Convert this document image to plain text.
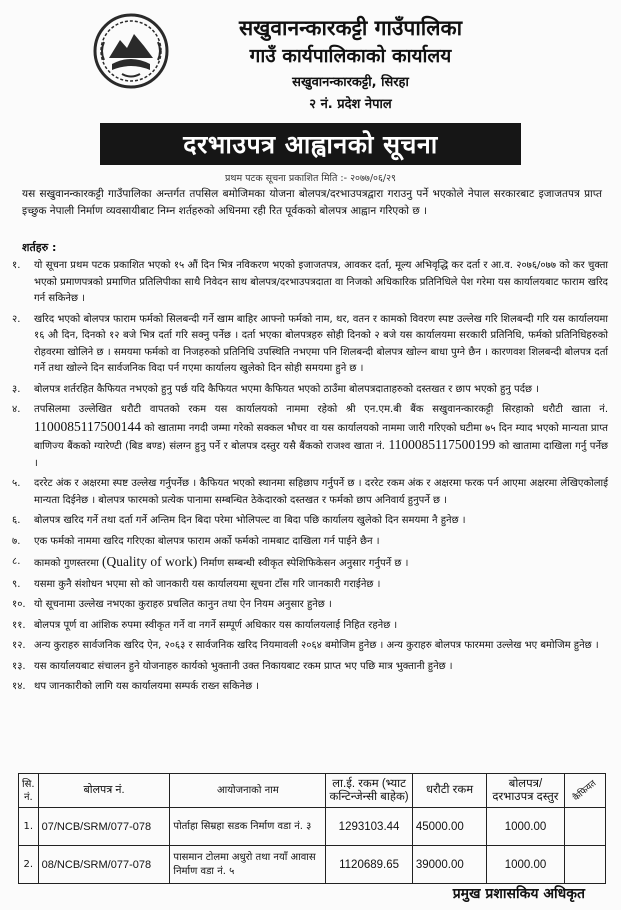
सखुवानन्कारकट्टी गाउँपालिका
गाउँ कार्यपालिकाको कार्यालय
सखुवानन्कारकट्टी, सिरहा
२ नं. प्रदेश नेपाल
दरभाउपत्र आह्वानको सूचना
प्रथम पटक सूचना प्रकाशित मिति :- २०७७/०६/२९

यस सखुवानन्कारकट्टी गाउँपालिका अन्तर्गत तपसिल बमोजिमका योजना बोलपत्र/दरभाउपत्रद्वारा गराउनु पर्ने भएकोले नेपाल सरकारबाट इजाजतपत्र प्राप्त इच्छुक नेपाली निर्माण व्यवसायीबाट निम्न शर्तहरुको अधिनमा रही रित पूर्वकको बोलपत्र आह्वान गरिएको छ ।

शर्तहरु :
१.	यो सूचना प्रथम पटक प्रकाशित भएको १५ औं दिन भित्र नविकरण भएको इजाजतपत्र, आवकर दर्ता, मूल्य अभिवृद्धि कर दर्ता र आ.व. २०७६/०७७ को कर चुक्ता भएको प्रमाणपत्रको प्रमाणित प्रतिलिपीका साथै निवेदन साथ बोलपत्र/दरभाउपत्रदाता वा निजको अधिकारिक प्रतिनिधिले पेश गरेमा यस कार्यालयबाट फाराम खरिद गर्न सकिनेछ ।
२.	खरिद भएको बोलपत्र फाराम फर्मको सिलबन्दी गर्ने खाम बाहिर आफ्नो फर्मको नाम, थर, वतन र कामको विवरण स्पष्ट उल्लेख गरि शिलबन्दी गरि यस कार्यालयमा १६ औ दिन, दिनको १२ बजे भित्र दर्ता गरि सक्नु पर्नेछ । दर्ता भएका बोलपत्रहरु सोही दिनको २ बजे यस कार्यालयमा सरकारी प्रतिनिधि, फर्मको प्रतिनिधिहरुको रोहवरमा खोलिने छ । समयमा फर्मको वा निजहरुको प्रतिनिधि उपस्थिति नभएमा पनि शिलबन्दी बोलपत्र खोल्न बाधा पुग्ने छैन । कारणवश शिलबन्दी बोलपत्र दर्ता गर्ने तथा खोल्ने दिन सार्वजनिक विदा पर्न गएमा कार्यालय खुलेको दिन सोही समयमा हुने छ ।
३.	बोलपत्र शर्तरहित कैफियत नभएको हुनु पर्छ यदि कैफियत भएमा कैफियत भएको ठाउँमा बोलपत्रदाताहरुको दस्तखत र छाप भएको हुनु पर्दछ ।
४.	तपसिलमा उल्लेखित धरौटी वापतको रकम यस कार्यालयको नाममा रहेको श्री एन.एम.बी बैंक सखुवानन्कारकट्टी सिरहाको धरौटी खाता नं. 1100085117500144 को खातामा नगदी जम्मा गरेको सक्कल भौचर वा यस कार्यालयको नाममा जारी गरिएको घटीमा ७५ दिन म्याद भएको मान्यता प्राप्त बाणिज्य बैंकको ग्यारेण्टी (बिड बण्ड) संलग्न हुनु पर्ने र बोलपत्र दस्तुर यसै बैंकको राजश्व खाता नं. 1100085117500199 को खातामा दाखिला गर्नु पर्नेछ ।
५.	दररेट अंक र अक्षरमा स्पष्ट उल्लेख गर्नुपर्नेछ । कैफियत भएको स्थानमा सहिछाप गर्नुपर्ने छ । दररेट रकम अंक र अक्षरमा फरक पर्न आएमा अक्षरमा लेखिएकोलाई मान्यता दिईनेछ । बोलपत्र फारमको प्रत्येक पानामा सम्बन्धित ठेकेदारको दस्तखत र फर्मको छाप अनिवार्य हुनुपर्ने छ ।
६.	बोलपत्र खरिद गर्ने तथा दर्ता गर्ने अन्तिम दिन बिदा परेमा भोलिपल्ट वा बिदा पछि कार्यालय खुलेको दिन समयमा नै हुनेछ ।
७.	एक फर्मको नाममा खरिद गरिएका बोलपत्र फाराम अर्को फर्मको नामबाट दाखिला गर्न पाईने छैन ।
८.	कामको गुणस्तरमा (Quality of work) निर्माण सम्बन्धी स्वीकृत स्पेशिफिकेसन अनुसार गर्नुपर्ने छ ।
९.	यसमा कुनै संशोधन भएमा सो को जानकारी यस कार्यालयमा सूचना टाँस गरि जानकारी गराईनेछ ।
१०. यो सूचनामा उल्लेख नभएका कुराहरु प्रचलित कानुन तथा ऐन नियम अनुसार हुनेछ ।
११. बोलपत्र पूर्ण वा आंशिक रुपमा स्वीकृत गर्ने वा नगर्ने सम्पूर्ण अधिकार यस कार्यालयलाई निहित रहनेछ ।
१२. अन्य कुराहरु सार्वजनिक खरिद ऐन, २०६३ र सार्वजनिक खरिद नियमावली २०६४ बमोजिम हुनेछ । अन्य कुराहरु बोलपत्र फारममा उल्लेख भए बमोजिम हुनेछ ।
१३. यस कार्यालयबाट संचालन हुने योजनाहरु कार्यको भुक्तानी उक्त निकायबाट रकम प्राप्त भए पछि मात्र भुक्तानी हुनेछ ।
१४. थप जानकारीको लागि यस कार्यालयमा सम्पर्क राख्न सकिनेछ ।
सि. नं.	बोलपत्र नं.	आयोजनाको नाम	ला.ई. रकम (भ्याट कन्टिन्जेन्सी बाहेक)	धरौटी रकम	बोलपत्र/ दरभाउपत्र दस्तुर	कैफियत
1.	07/NCB/SRM/077-078	पोर्ताहा सिम्रहा सडक निर्माण वडा नं. ३	1293103.44	45000.00	1000.00	
2.	08/NCB/SRM/077-078	पासमान टोलमा अधुरो तथा नयाँ आवास निर्माण वडा नं. ५	1120689.65	39000.00	1000.00	
प्रमुख प्रशासकिय अधिकृत
